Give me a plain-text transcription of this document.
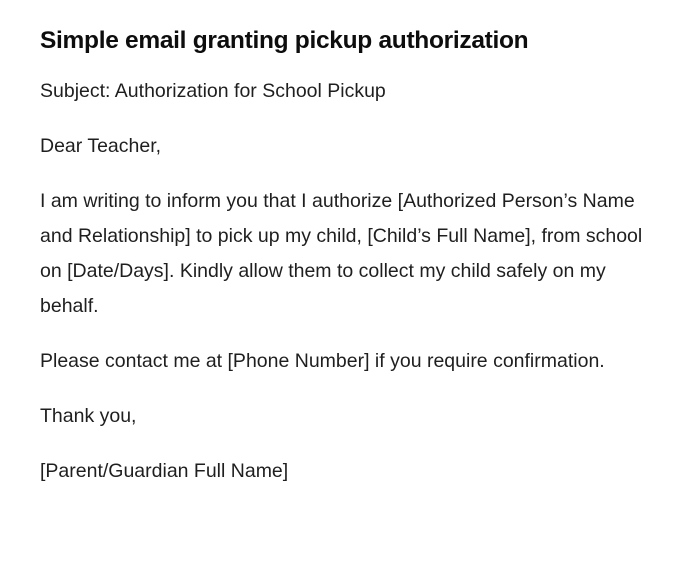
Simple email granting pickup authorization

Subject: Authorization for School Pickup

Dear Teacher,

I am writing to inform you that I authorize [Authorized Person’s Name and Relationship] to pick up my child, [Child’s Full Name], from school on [Date/Days]. Kindly allow them to collect my child safely on my behalf.

Please contact me at [Phone Number] if you require confirmation.

Thank you,

[Parent/Guardian Full Name]
